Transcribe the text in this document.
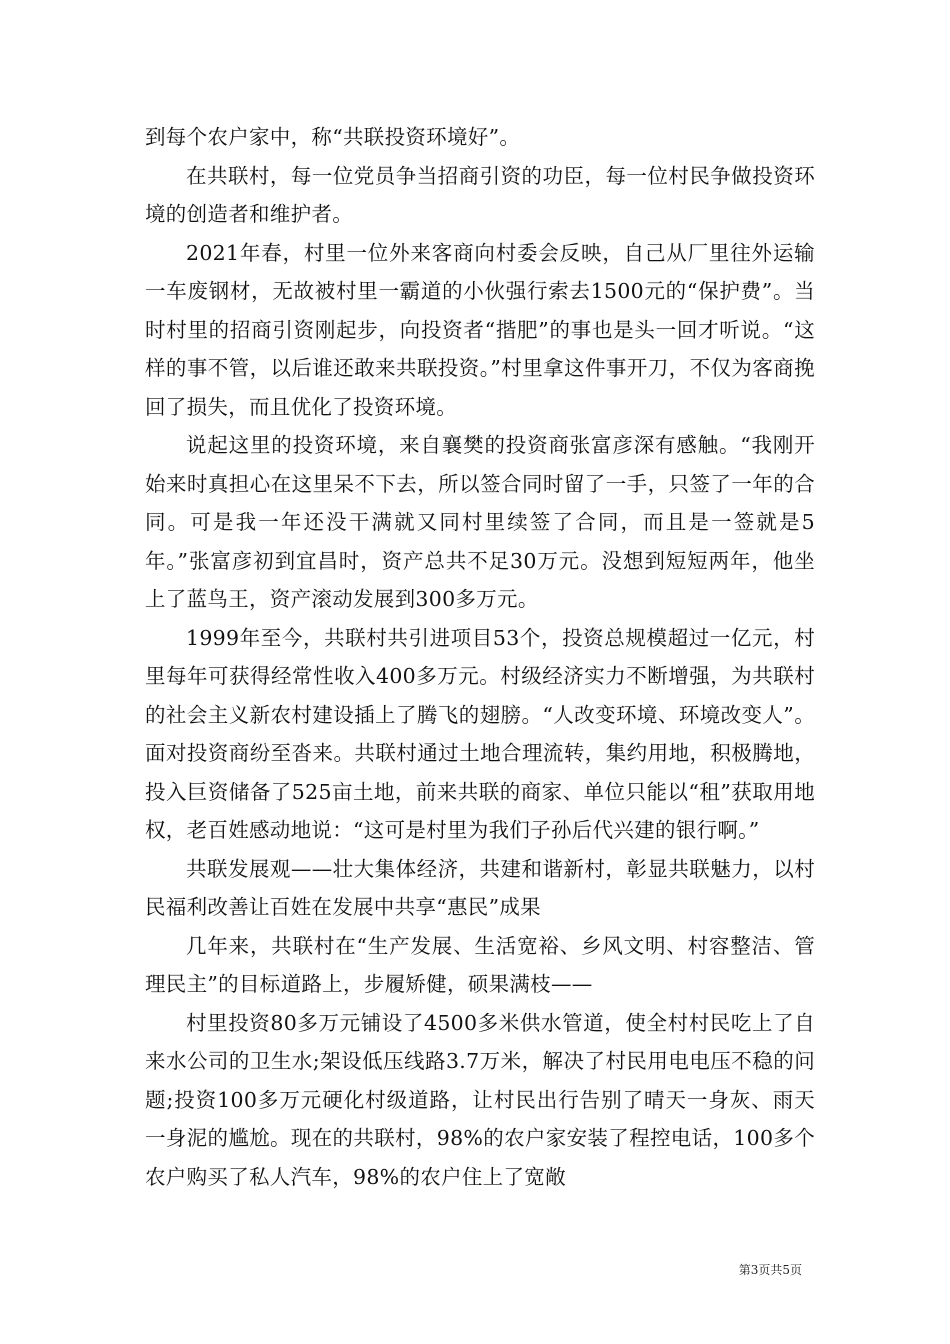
到每个农户家中，称“共联投资环境好”。

在共联村，每一位党员争当招商引资的功臣，每一位村民争做投资环境的创造者和维护者。

2021年春，村里一位外来客商向村委会反映，自己从厂里往外运输一车废钢材，无故被村里一霸道的小伙强行索去1500元的“保护费”。当时村里的招商引资刚起步，向投资者“揩肥”的事也是头一回才听说。“这样的事不管，以后谁还敢来共联投资。”村里拿这件事开刀，不仅为客商挽回了损失，而且优化了投资环境。

说起这里的投资环境，来自襄樊的投资商张富彦深有感触。“我刚开始来时真担心在这里呆不下去，所以签合同时留了一手，只签了一年的合同。可是我一年还没干满就又同村里续签了合同，而且是一签就是5年。”张富彦初到宜昌时，资产总共不足30万元。没想到短短两年，他坐上了蓝鸟王，资产滚动发展到300多万元。

1999年至今，共联村共引进项目53个，投资总规模超过一亿元，村里每年可获得经常性收入400多万元。村级经济实力不断增强，为共联村的社会主义新农村建设插上了腾飞的翅膀。“人改变环境、环境改变人”。面对投资商纷至沓来。共联村通过土地合理流转，集约用地，积极腾地，投入巨资储备了525亩土地，前来共联的商家、单位只能以“租”获取用地权，老百姓感动地说：“这可是村里为我们子孙后代兴建的银行啊。”

共联发展观——壮大集体经济，共建和谐新村，彰显共联魅力，以村民福利改善让百姓在发展中共享“惠民”成果

几年来，共联村在“生产发展、生活宽裕、乡风文明、村容整洁、管理民主”的目标道路上，步履矫健，硕果满枝——

村里投资80多万元铺设了4500多米供水管道，使全村村民吃上了自来水公司的卫生水;架设低压线路3.7万米，解决了村民用电电压不稳的问题;投资100多万元硬化村级道路，让村民出行告别了晴天一身灰、雨天一身泥的尴尬。现在的共联村，98%的农户家安装了程控电话，100多个农户购买了私人汽车，98%的农户住上了宽敞

第3页共5页
